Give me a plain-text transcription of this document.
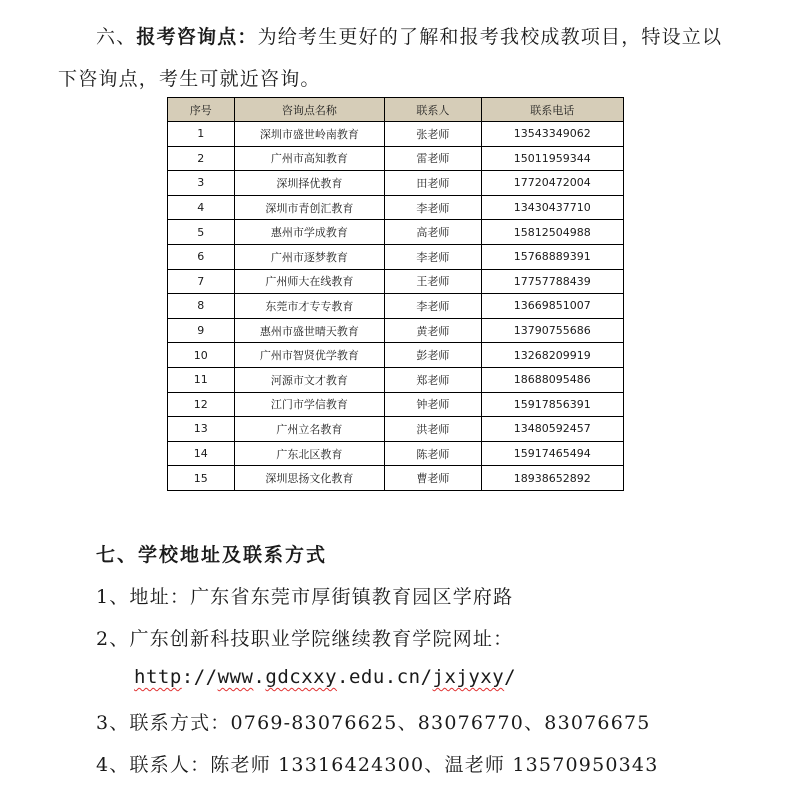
六、报考咨询点：为给考生更好的了解和报考我校成教项目，特设立以
下咨询点，考生可就近咨询。
序号	咨询点名称	联系人	联系电话
1	深圳市盛世岭南教育	张老师	13543349062
2	广州市高知教育	雷老师	15011959344
3	深圳择优教育	田老师	17720472004
4	深圳市青创汇教育	李老师	13430437710
5	惠州市学成教育	高老师	15812504988
6	广州市逐梦教育	李老师	15768889391
7	广州师大在线教育	王老师	17757788439
8	东莞市才专专教育	李老师	13669851007
9	惠州市盛世晴天教育	黄老师	13790755686
10	广州市智贤优学教育	彭老师	13268209919
11	河源市文才教育	郑老师	18688095486
12	江门市学信教育	钟老师	15917856391
13	广州立名教育	洪老师	13480592457
14	广东北区教育	陈老师	15917465494
15	深圳思扬文化教育	曹老师	18938652892
七、学校地址及联系方式
1、地址：广东省东莞市厚街镇教育园区学府路
2、广东创新科技职业学院继续教育学院网址：
http://www.gdcxxy.edu.cn/jxjyxy/
3、联系方式：0769-83076625、83076770、83076675
4、联系人：陈老师 13316424300、温老师 13570950343
